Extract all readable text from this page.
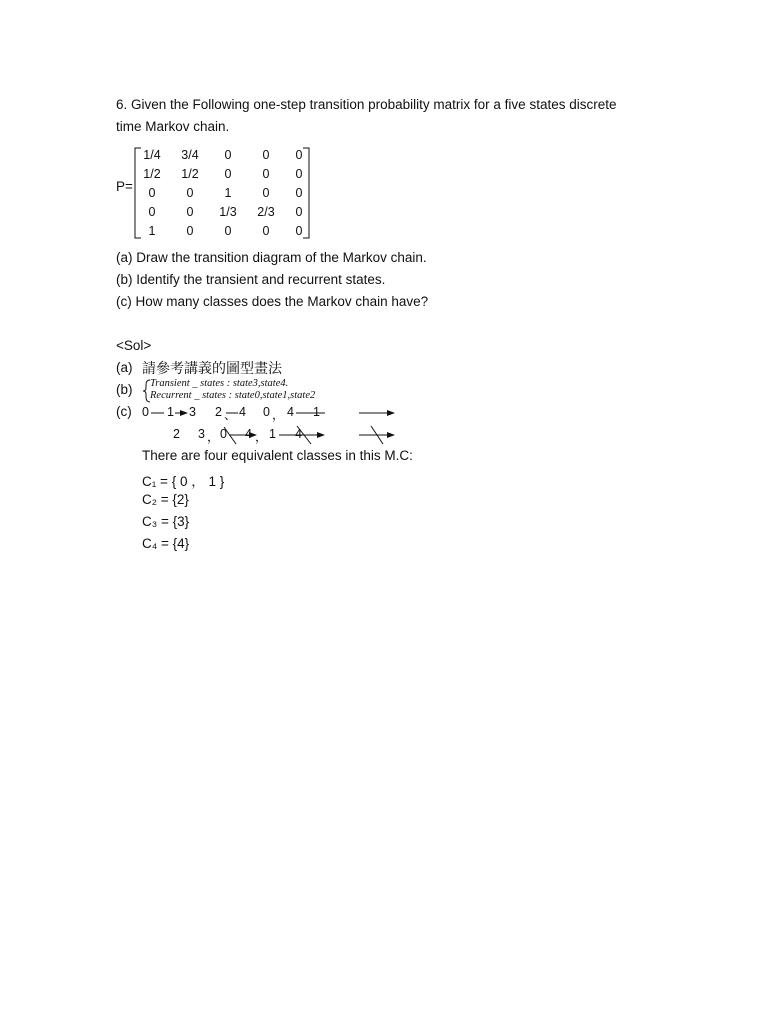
6. Given the Following one-step transition probability matrix for a five states discrete
time Markov chain.
P=
1/4	3/4	0	0	0
1/2	1/2	0	0	0
0	0	1	0	0
0	0	1/3	2/3	0
1	0	0	0	0
(a) Draw the transition diagram of the Markov chain.
(b) Identify the transient and recurrent states.
(c) How many classes does the Markov chain have?
<Sol>
(a) 請參考講義的圖型畫法
(b) Transient _ states : state3,state4.
Recurrent _ states : state0,state1,state2
(c) 0 1 3 2 、 4 0 ， 4 1
2 3 ， 0 4 ， 1 4
There are four equivalent classes in this M.C:
C₁ = { 0 ， 1 }
C₂ = {2}
C₃ = {3}
C₄ = {4}
